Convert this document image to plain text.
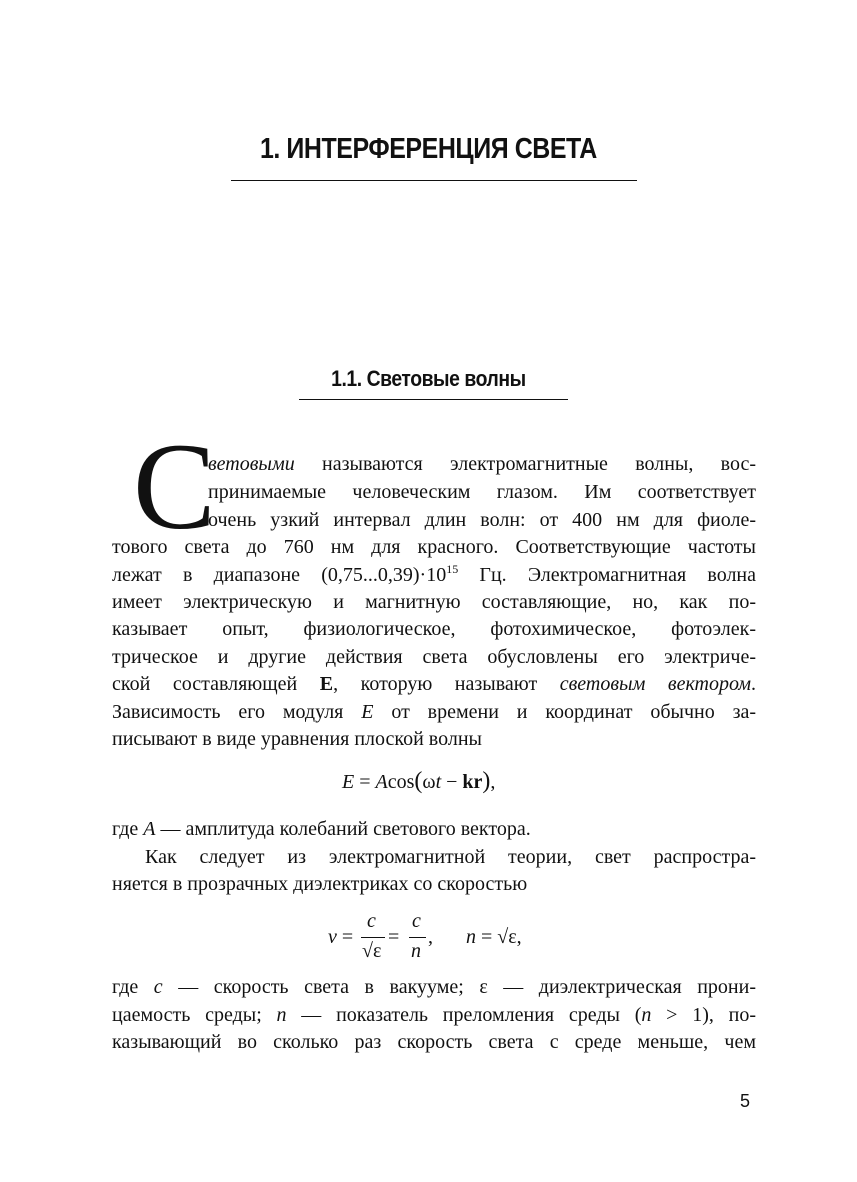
1. ИНТЕРФЕРЕНЦИЯ СВЕТА
1.1. Световые волны
С
ветовыми называются электромагнитные волны, вос-
принимаемые человеческим глазом. Им соответствует
очень узкий интервал длин волн: от 400 нм для фиоле-
тового света до 760 нм для красного. Соответствующие частоты
лежат в диапазоне $(0,75...0,39)\cdot 10^{15}$ Гц. Электромагнитная волна
имеет электрическую и магнитную составляющие, но, как по-
казывает опыт, физиологическое, фотохимическое, фотоэлек-
трическое и другие действия света обусловлены его электриче-
ской составляющей E, которую называют световым вектором.
Зависимость его модуля E от времени и координат обычно за-
писывают в виде уравнения плоской волны
E = Acos(ωt − kr),
где A — амплитуда колебаний светового вектора.
Как следует из электромагнитной теории, свет распростра-
няется в прозрачных диэлектриках со скоростью
v =
c
√ε
=
c
n
, n = √ε,
где c — скорость света в вакууме; ε — диэлектрическая прони-
цаемость среды; n — показатель преломления среды (n > 1), по-
казывающий во сколько раз скорость света с среде меньше, чем
5
